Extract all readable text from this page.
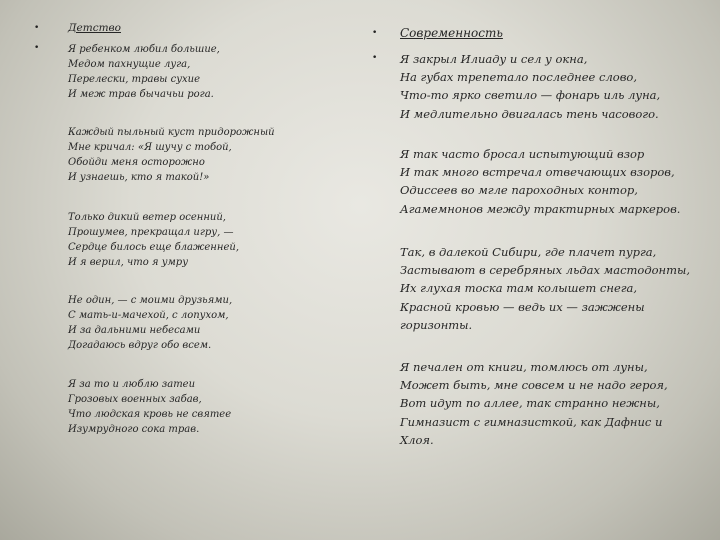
•
•
Детство
Я ребенком любил большие,
Медом пахнущие луга,
Перелески, травы сухие
И меж трав бычачьи рога.
Каждый пыльный куст придорожный
Мне кричал: «Я шучу с тобой,
Обойди меня осторожно
И узнаешь, кто я такой!»
Только дикий ветер осенний,
Прошумев, прекращал игру, —
Сердце билось еще блаженней,
И я верил, что я умру
Не один, — с моими друзьями,
С мать-и-мачехой, с лопухом,
И за дальними небесами
Догадаюсь вдруг обо всем.
Я за то и люблю затеи
Грозовых военных забав,
Что людская кровь не святее
Изумрудного сока трав.
•
•
Современность
Я закрыл Илиаду и сел у окна,
На губах трепетало последнее слово,
Что-то ярко светило — фонарь иль луна,
И медлительно двигалась тень часового.
Я так часто бросал испытующий взор
И так много встречал отвечающих взоров,
Одиссеев во мгле пароходных контор,
Агамемнонов между трактирных маркеров.
Так, в далекой Сибири, где плачет пурга,
Застывают в серебряных льдах мастодонты,
Их глухая тоска там колышет снега,
Красной кровью — ведь их — зажжены
горизонты.
Я печален от книги, томлюсь от луны,
Может быть, мне совсем и не надо героя,
Вот идут по аллее, так странно нежны,
Гимназист с гимназисткой, как Дафнис и
Хлоя.
